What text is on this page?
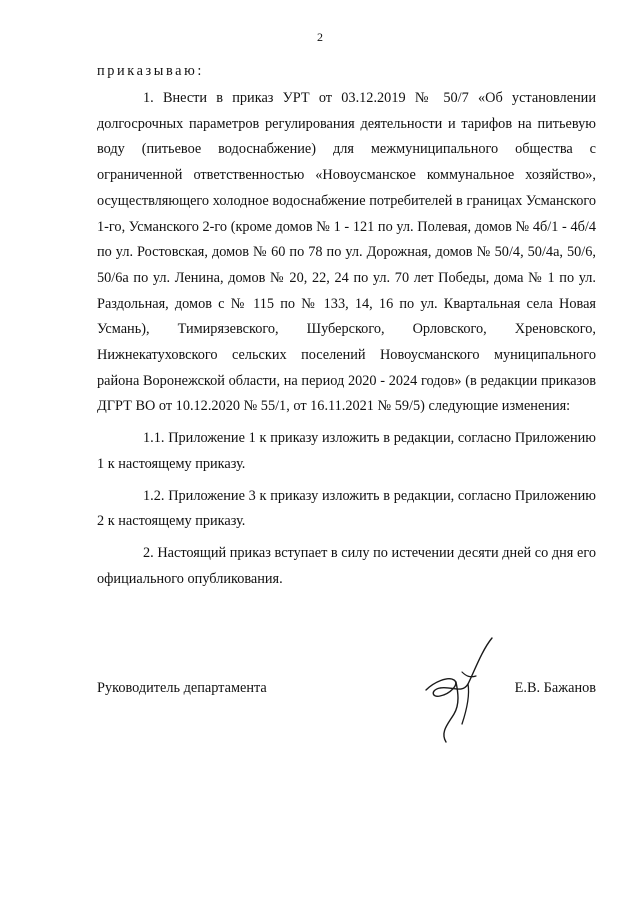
2
приказываю:

1. Внести в приказ УРТ от 03.12.2019 № 50/7 «Об установлении долгосрочных параметров регулирования деятельности и тарифов на питьевую воду (питьевое водоснабжение) для межмуниципального общества с ограниченной ответственностью «Новоусманское коммунальное хозяйство», осуществляющего холодное водоснабжение потребителей в границах Усманского 1-го, Усманского 2-го (кроме домов № 1 - 121 по ул. Полевая, домов № 4б/1 - 4б/4 по ул. Ростовская, домов № 60 по 78 по ул. Дорожная, домов № 50/4, 50/4а, 50/6, 50/6а по ул. Ленина, домов № 20, 22, 24 по ул. 70 лет Победы, дома № 1 по ул. Раздольная, домов с № 115 по № 133, 14, 16 по ул. Квартальная села Новая Усмань), Тимирязевского, Шуберского, Орловского, Хреновского, Нижнекатуховского сельских поселений Новоусманского муниципального района Воронежской области, на период 2020 - 2024 годов» (в редакции приказов ДГРТ ВО от 10.12.2020 № 55/1, от 16.11.2021 № 59/5) следующие изменения:

1.1. Приложение 1 к приказу изложить в редакции, согласно Приложению 1 к настоящему приказу.

1.2. Приложение 3 к приказу изложить в редакции, согласно Приложению 2 к настоящему приказу.

2. Настоящий приказ вступает в силу по истечении десяти дней со дня его официального опубликования.

Руководитель департамента	Е.В. Бажанов
